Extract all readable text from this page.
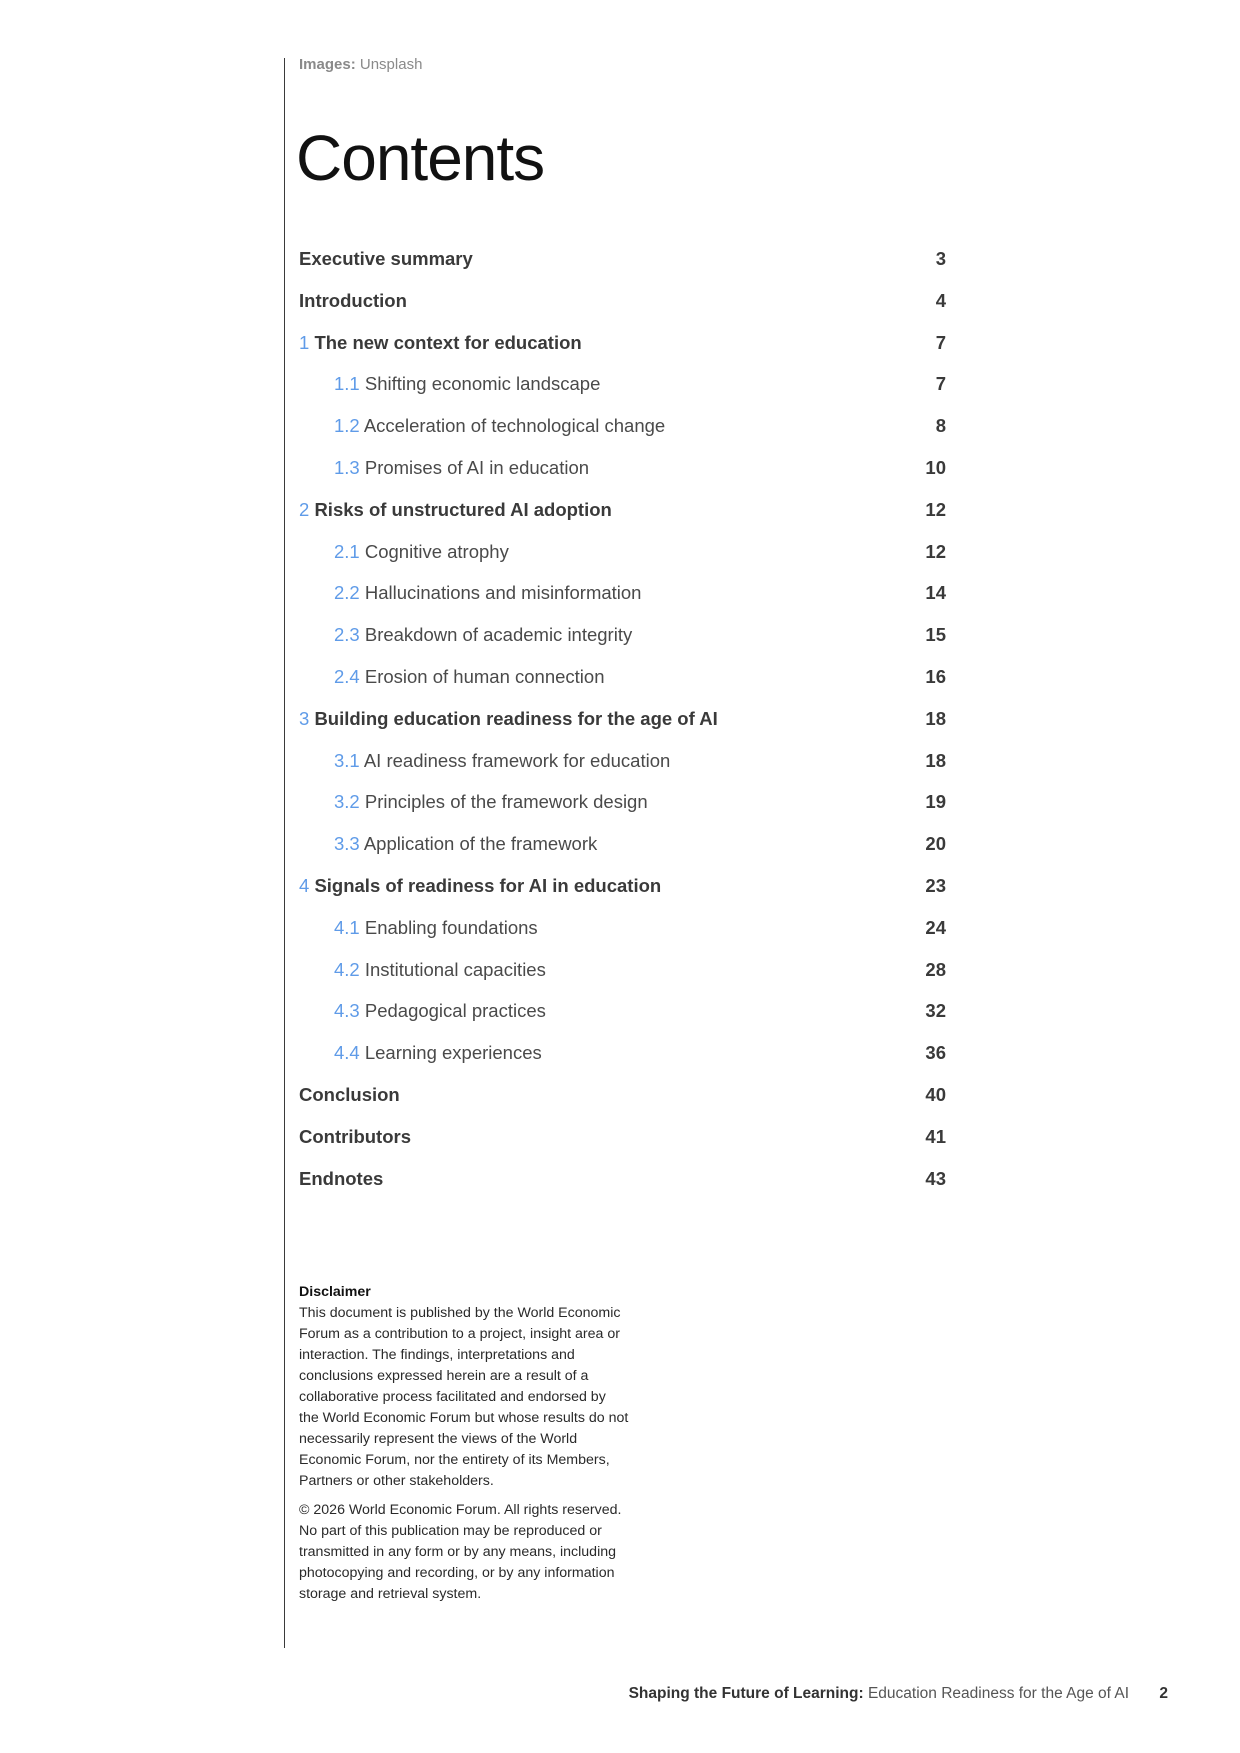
Images: Unsplash
Contents
Executive summary	3
Introduction	4
1 The new context for education	7
1.1 Shifting economic landscape	7
1.2 Acceleration of technological change	8
1.3 Promises of AI in education	10
2 Risks of unstructured AI adoption	12
2.1 Cognitive atrophy	12
2.2 Hallucinations and misinformation	14
2.3 Breakdown of academic integrity	15
2.4 Erosion of human connection	16
3 Building education readiness for the age of AI	18
3.1 AI readiness framework for education	18
3.2 Principles of the framework design	19
3.3 Application of the framework	20
4 Signals of readiness for AI in education	23
4.1 Enabling foundations	24
4.2 Institutional capacities	28
4.3 Pedagogical practices	32
4.4 Learning experiences	36
Conclusion	40
Contributors	41
Endnotes	43
Disclaimer

This document is published by the World Economic Forum as a contribution to a project, insight area or interaction. The findings, interpretations and conclusions expressed herein are a result of a collaborative process facilitated and endorsed by the World Economic Forum but whose results do not necessarily represent the views of the World Economic Forum, nor the entirety of its Members, Partners or other stakeholders.

© 2026 World Economic Forum. All rights reserved. No part of this publication may be reproduced or transmitted in any form or by any means, including photocopying and recording, or by any information storage and retrieval system.

Shaping the Future of Learning: Education Readiness for the Age of AI 2
